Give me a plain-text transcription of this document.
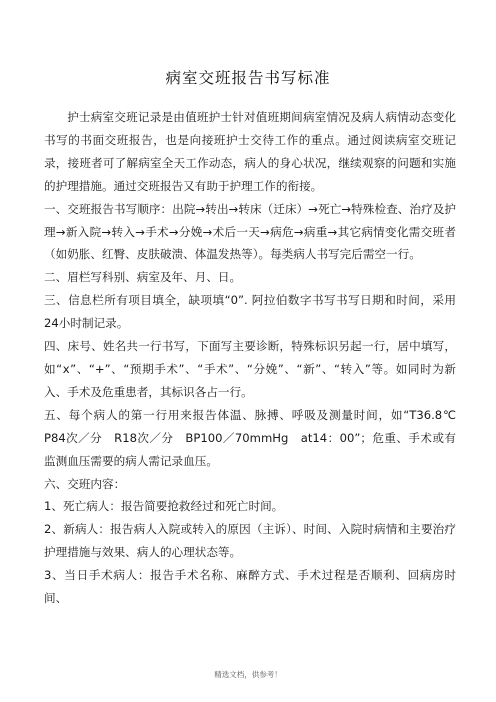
病室交班报告书写标准

护士病室交班记录是由值班护士针对值班期间病室情况及病人病情动态变化书写的书面交班报告，也是向接班护士交待工作的重点。通过阅读病室交班记录，接班者可了解病室全天工作动态，病人的身心状况，继续观察的问题和实施的护理措施。通过交班报告又有助于护理工作的衔接。

一、交班报告书写顺序：出院→转出→转床（迁床）→死亡→特殊检查、治疗及护理→新入院→转入→手术→分娩→术后一天→病危→病重→其它病情变化需交班者（如奶胀、红臀、皮肤破溃、体温发热等）。每类病人书写完后需空一行。

二、眉栏写科别、病室及年、月、日。

三、信息栏所有项目填全，缺项填“0”. 阿拉伯数字书写书写日期和时间，采用24小时制记录。

四、床号、姓名共一行书写，下面写主要诊断，特殊标识另起一行，居中填写，如“ⅹ”、“+”、“预期手术”、“手术”、“分娩”、“新”、“转入”等。如同时为新入、手术及危重患者，其标识各占一行。

五、每个病人的第一行用来报告体温、脉搏、呼吸及测量时间，如“T36.8℃　P84次／分　R18次／分　BP100／70mmHg　at14：00”；危重、手术或有监测血压需要的病人需记录血压。

六、交班内容：

1、死亡病人：报告简要抢救经过和死亡时间。

2、新病人：报告病人入院或转入的原因（主诉）、时间、入院时病情和主要治疗护理措施与效果、病人的心理状态等。

3、当日手术病人：报告手术名称、麻醉方式、手术过程是否顺利、回病房时间、

精选文档，供参考！
